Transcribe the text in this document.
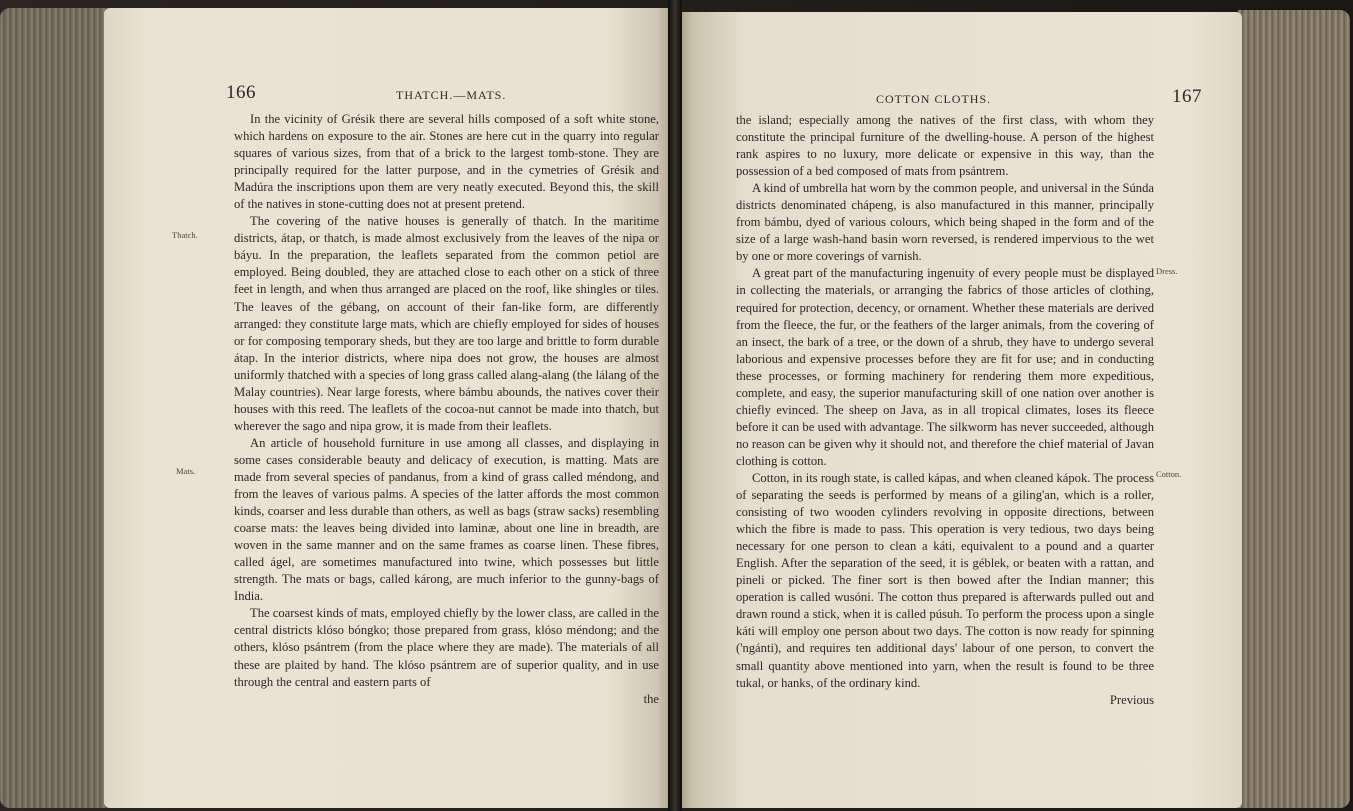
166	THATCH.—MATS.
Thatch.
Mats.

In the vicinity of Grésik there are several hills composed of a soft white stone, which hardens on exposure to the air. Stones are here cut in the quarry into regular squares of various sizes, from that of a brick to the largest tomb-stone. They are principally required for the latter purpose, and in the cymetries of Grésik and Madúra the inscriptions upon them are very neatly executed. Beyond this, the skill of the natives in stone-cutting does not at present pretend.

The covering of the native houses is generally of thatch. In the maritime districts, átap, or thatch, is made almost exclusively from the leaves of the nipa or báyu. In the preparation, the leaflets separated from the common petiol are employed. Being doubled, they are attached close to each other on a stick of three feet in length, and when thus arranged are placed on the roof, like shingles or tiles. The leaves of the gébang, on account of their fan-like form, are differently arranged: they constitute large mats, which are chiefly employed for sides of houses or for composing temporary sheds, but they are too large and brittle to form durable átap. In the interior districts, where nipa does not grow, the houses are almost uniformly thatched with a species of long grass called alang-alang (the lálang of the Malay countries). Near large forests, where bámbu abounds, the natives cover their houses with this reed. The leaflets of the cocoa-nut cannot be made into thatch, but wherever the sago and nipa grow, it is made from their leaflets.

An article of household furniture in use among all classes, and displaying in some cases considerable beauty and delicacy of execution, is matting. Mats are made from several species of pandanus, from a kind of grass called méndong, and from the leaves of various palms. A species of the latter affords the most common kinds, coarser and less durable than others, as well as bags (straw sacks) resembling coarse mats: the leaves being divided into laminæ, about one line in breadth, are woven in the same manner and on the same frames as coarse linen. These fibres, called ágel, are sometimes manufactured into twine, which possesses but little strength. The mats or bags, called károng, are much inferior to the gunny-bags of India.

The coarsest kinds of mats, employed chiefly by the lower class, are called in the central districts klóso bóngko; those prepared from grass, klóso méndong; and the others, klóso psántrem (from the place where they are made). The materials of all these are plaited by hand. The klóso psántrem are of superior quality, and in use through the central and eastern parts of

the

COTTON CLOTHS.	167

the island; especially among the natives of the first class, with whom they constitute the principal furniture of the dwelling-house. A person of the highest rank aspires to no luxury, more delicate or expensive in this way, than the possession of a bed composed of mats from psántrem.

A kind of umbrella hat worn by the common people, and universal in the Súnda districts denominated chápeng, is also manufactured in this manner, principally from bámbu, dyed of various colours, which being shaped in the form and of the size of a large wash-hand basin worn reversed, is rendered impervious to the wet by one or more coverings of varnish.

A great part of the manufacturing ingenuity of every people must be displayed in collecting the materials, or arranging the fabrics of those articles of clothing, required for protection, decency, or ornament. Whether these materials are derived from the fleece, the fur, or the feathers of the larger animals, from the covering of an insect, the bark of a tree, or the down of a shrub, they have to undergo several laborious and expensive processes before they are fit for use; and in conducting these processes, or forming machinery for rendering them more expeditious, complete, and easy, the superior manufacturing skill of one nation over another is chiefly evinced. The sheep on Java, as in all tropical climates, loses its fleece before it can be used with advantage. The silkworm has never succeeded, although no reason can be given why it should not, and therefore the chief material of Javan clothing is cotton.

Cotton, in its rough state, is called kápas, and when cleaned kápok. The process of separating the seeds is performed by means of a giling'an, which is a roller, consisting of two wooden cylinders revolving in opposite directions, between which the fibre is made to pass. This operation is very tedious, two days being necessary for one person to clean a káti, equivalent to a pound and a quarter English. After the separation of the seed, it is géblek, or beaten with a rattan, and pineli or picked. The finer sort is then bowed after the Indian manner; this operation is called wusóni. The cotton thus prepared is afterwards pulled out and drawn round a stick, when it is called púsuh. To perform the process upon a single káti will employ one person about two days. The cotton is now ready for spinning ('ngánti), and requires ten additional days' labour of one person, to convert the small quantity above mentioned into yarn, when the result is found to be three tukal, or hanks, of the ordinary kind.

Previous

Dress.
Cotton.
